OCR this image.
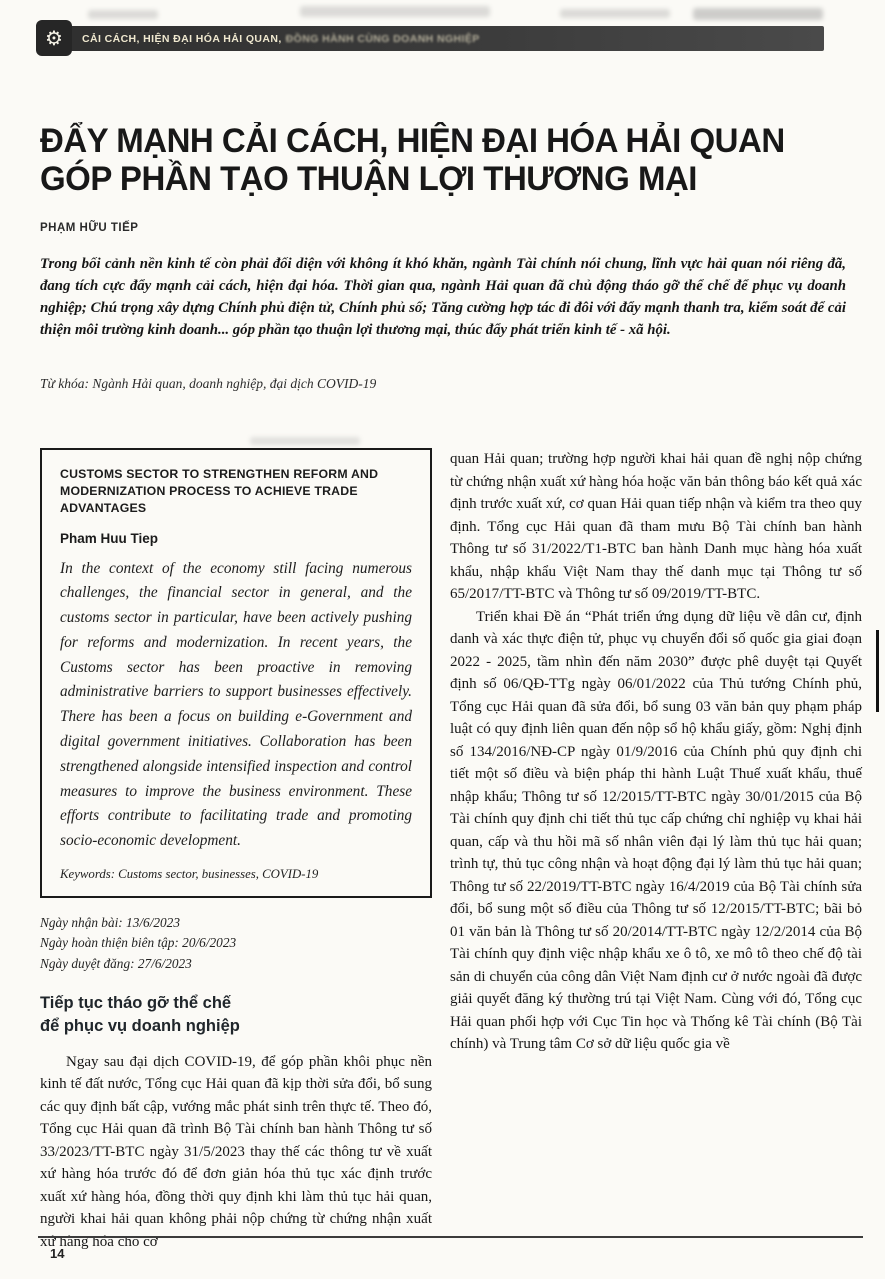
⚙	CẢI CÁCH, HIỆN ĐẠI HÓA HẢI QUAN, ĐỒNG HÀNH CÙNG DOANH NGHIỆP
ĐẨY MẠNH CẢI CÁCH, HIỆN ĐẠI HÓA HẢI QUAN
GÓP PHẦN TẠO THUẬN LỢI THƯƠNG MẠI
PHẠM HỮU TIẾP
Trong bối cảnh nền kinh tế còn phải đối diện với không ít khó khăn, ngành Tài chính nói chung, lĩnh vực hải quan nói riêng đã, đang tích cực đẩy mạnh cải cách, hiện đại hóa. Thời gian qua, ngành Hải quan đã chủ động tháo gỡ thể chế để phục vụ doanh nghiệp; Chú trọng xây dựng Chính phủ điện tử, Chính phủ số; Tăng cường hợp tác đi đôi với đẩy mạnh thanh tra, kiểm soát để cải thiện môi trường kinh doanh... góp phần tạo thuận lợi thương mại, thúc đẩy phát triển kinh tế - xã hội.
Từ khóa: Ngành Hải quan, doanh nghiệp, đại dịch COVID-19
CUSTOMS SECTOR TO STRENGTHEN REFORM AND MODERNIZATION PROCESS TO ACHIEVE TRADE ADVANTAGES
Pham Huu Tiep
In the context of the economy still facing numerous challenges, the financial sector in general, and the customs sector in particular, have been actively pushing for reforms and modernization. In recent years, the Customs sector has been proactive in removing administrative barriers to support businesses effectively. There has been a focus on building e-Government and digital government initiatives. Collaboration has been strengthened alongside intensified inspection and control measures to improve the business environment. These efforts contribute to facilitating trade and promoting socio-economic development.
Keywords: Customs sector, businesses, COVID-19
Ngày nhận bài: 13/6/2023
Ngày hoàn thiện biên tập: 20/6/2023
Ngày duyệt đăng: 27/6/2023
Tiếp tục tháo gỡ thể chế
để phục vụ doanh nghiệp
Ngay sau đại dịch COVID-19, để góp phần khôi phục nền kinh tế đất nước, Tổng cục Hải quan đã kịp thời sửa đổi, bổ sung các quy định bất cập, vướng mắc phát sinh trên thực tế. Theo đó, Tổng cục Hải quan đã trình Bộ Tài chính ban hành Thông tư số 33/2023/TT-BTC ngày 31/5/2023 thay thế các thông tư về xuất xứ hàng hóa trước đó để đơn giản hóa thủ tục xác định trước xuất xứ hàng hóa, đồng thời quy định khi làm thủ tục hải quan, người khai hải quan không phải nộp chứng từ chứng nhận xuất xứ hàng hóa cho cơ
quan Hải quan; trường hợp người khai hải quan đề nghị nộp chứng từ chứng nhận xuất xứ hàng hóa hoặc văn bản thông báo kết quả xác định trước xuất xứ, cơ quan Hải quan tiếp nhận và kiểm tra theo quy định. Tổng cục Hải quan đã tham mưu Bộ Tài chính ban hành Thông tư số 31/2022/T1-BTC ban hành Danh mục hàng hóa xuất khẩu, nhập khẩu Việt Nam thay thế danh mục tại Thông tư số 65/2017/TT-BTC và Thông tư số 09/2019/TT-BTC.
Triển khai Đề án “Phát triển ứng dụng dữ liệu về dân cư, định danh và xác thực điện tử, phục vụ chuyển đổi số quốc gia giai đoạn 2022 - 2025, tầm nhìn đến năm 2030” được phê duyệt tại Quyết định số 06/QĐ-TTg ngày 06/01/2022 của Thủ tướng Chính phủ, Tổng cục Hải quan đã sửa đổi, bổ sung 03 văn bản quy phạm pháp luật có quy định liên quan đến nộp sổ hộ khẩu giấy, gồm: Nghị định số 134/2016/NĐ-CP ngày 01/9/2016 của Chính phủ quy định chi tiết một số điều và biện pháp thi hành Luật Thuế xuất khẩu, thuế nhập khẩu; Thông tư số 12/2015/TT-BTC ngày 30/01/2015 của Bộ Tài chính quy định chi tiết thủ tục cấp chứng chỉ nghiệp vụ khai hải quan, cấp và thu hồi mã số nhân viên đại lý làm thủ tục hải quan; trình tự, thủ tục công nhận và hoạt động đại lý làm thủ tục hải quan; Thông tư số 22/2019/TT-BTC ngày 16/4/2019 của Bộ Tài chính sửa đổi, bổ sung một số điều của Thông tư số 12/2015/TT-BTC; bãi bỏ 01 văn bản là Thông tư số 20/2014/TT-BTC ngày 12/2/2014 của Bộ Tài chính quy định việc nhập khẩu xe ô tô, xe mô tô theo chế độ tài sản di chuyển của công dân Việt Nam định cư ở nước ngoài đã được giải quyết đăng ký thường trú tại Việt Nam. Cùng với đó, Tổng cục Hải quan phối hợp với Cục Tin học và Thống kê Tài chính (Bộ Tài chính) và Trung tâm Cơ sở dữ liệu quốc gia về
14
